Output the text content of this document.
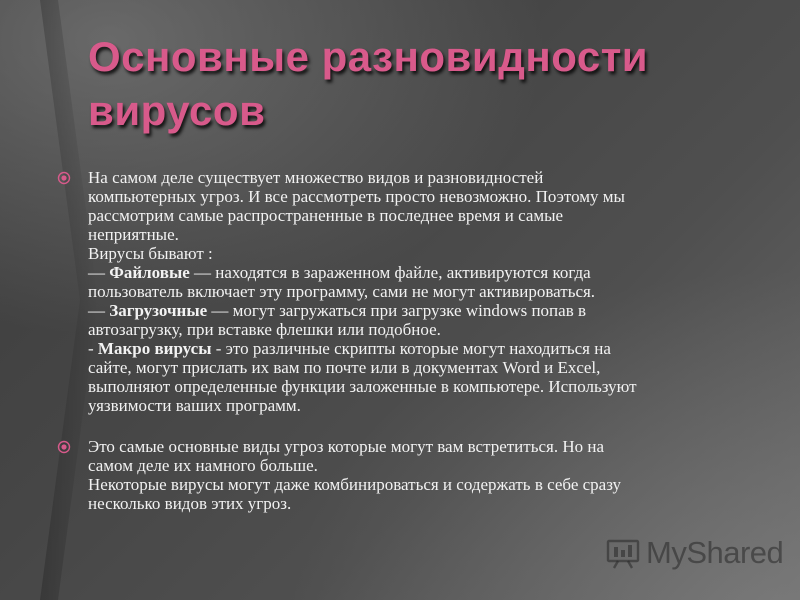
Основные разновидности
вирусов
На самом деле существует множество видов и разновидностей
компьютерных угроз. И все рассмотреть просто невозможно. Поэтому мы
рассмотрим самые распространенные в последнее время и самые
неприятные.
Вирусы бывают :
— Файловые — находятся в зараженном файле, активируются когда
пользователь включает эту программу, сами не могут активироваться.
— Загрузочные — могут загружаться при загрузке windows попав в
автозагрузку, при вставке флешки или подобное.
- Макро вирусы - это различные скрипты которые могут находиться на
сайте, могут прислать их вам по почте или в документах Word и Excel,
выполняют определенные функции заложенные в компьютере. Используют
уязвимости ваших программ.
Это самые основные виды угроз которые могут вам встретиться. Но на
самом деле их намного больше.
Некоторые вирусы могут даже комбинироваться и содержать в себе сразу
несколько видов этих угроз.
MyShared
